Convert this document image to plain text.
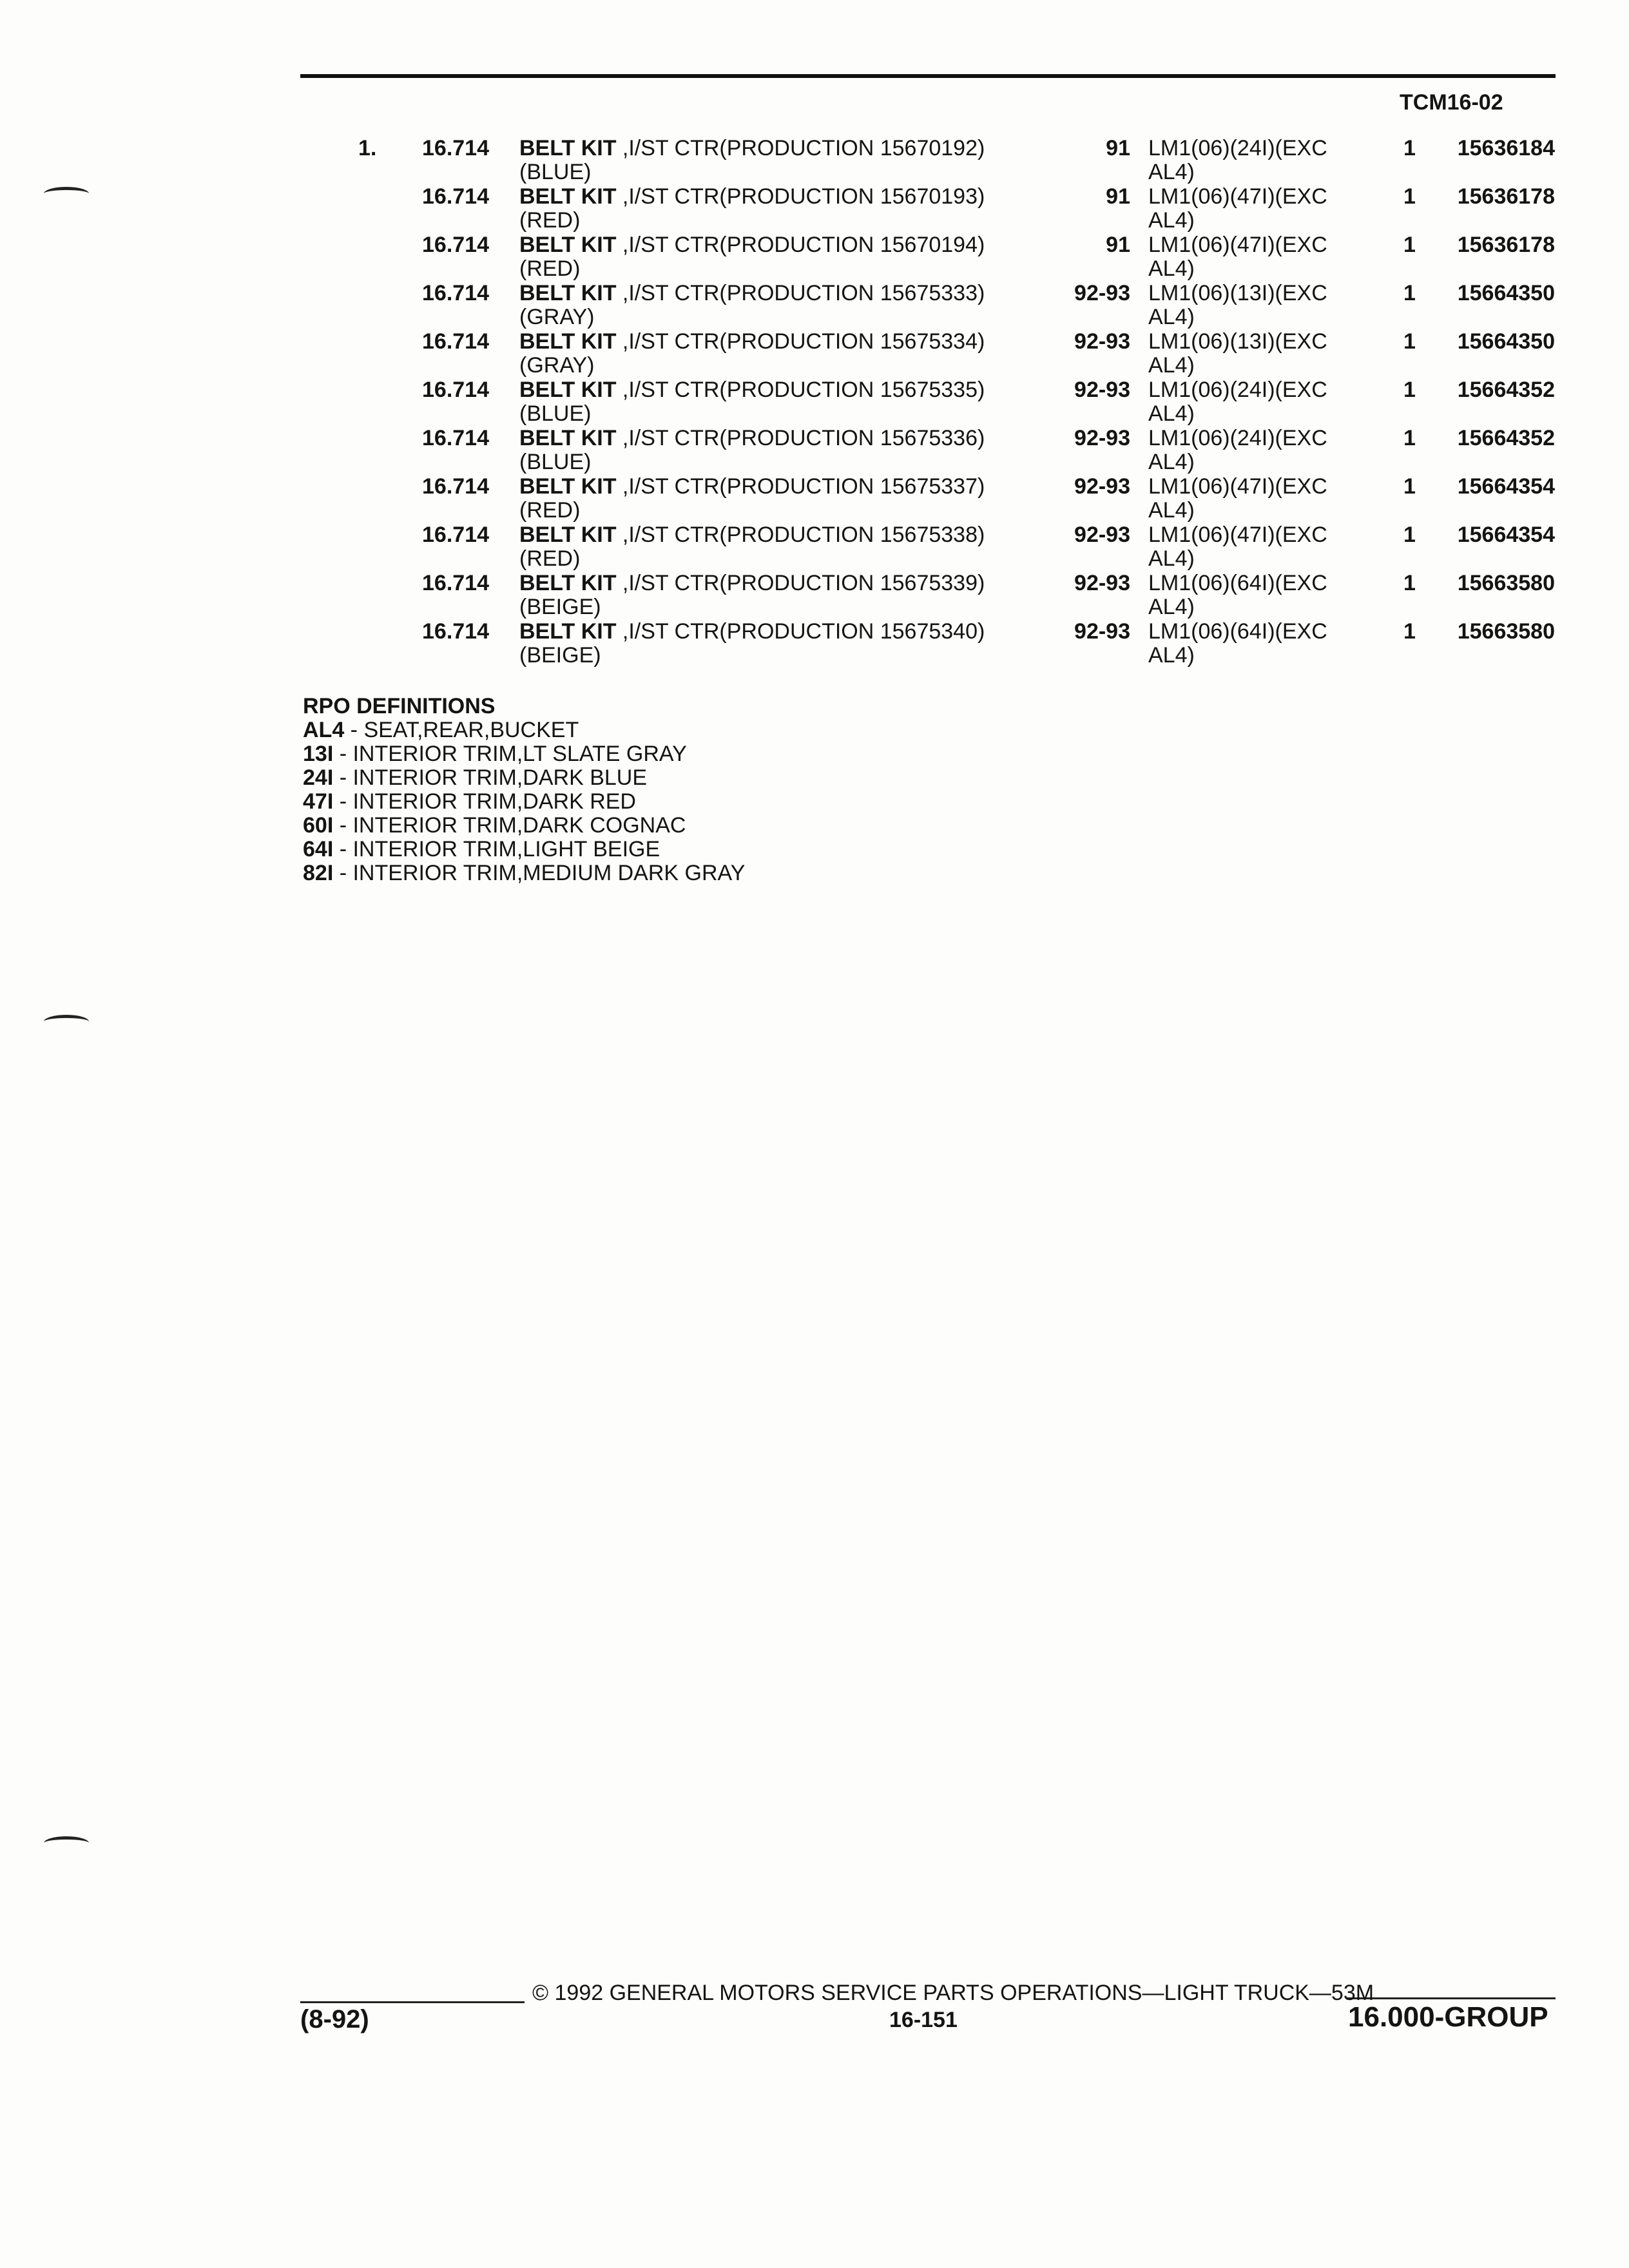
TCM16-02
1. 16.714 BELT KIT ,I/ST CTR(PRODUCTION 15670192)
(BLUE)
91 LM1(06)(24I)(EXC
AL4)
1 15636184
16.714 BELT KIT ,I/ST CTR(PRODUCTION 15670193)
(RED)
91 LM1(06)(47I)(EXC
AL4)
1 15636178
16.714 BELT KIT ,I/ST CTR(PRODUCTION 15670194)
(RED)
91 LM1(06)(47I)(EXC
AL4)
1 15636178
16.714 BELT KIT ,I/ST CTR(PRODUCTION 15675333)
(GRAY)
92-93 LM1(06)(13I)(EXC
AL4)
1 15664350
16.714 BELT KIT ,I/ST CTR(PRODUCTION 15675334)
(GRAY)
92-93 LM1(06)(13I)(EXC
AL4)
1 15664350
16.714 BELT KIT ,I/ST CTR(PRODUCTION 15675335)
(BLUE)
92-93 LM1(06)(24I)(EXC
AL4)
1 15664352
16.714 BELT KIT ,I/ST CTR(PRODUCTION 15675336)
(BLUE)
92-93 LM1(06)(24I)(EXC
AL4)
1 15664352
16.714 BELT KIT ,I/ST CTR(PRODUCTION 15675337)
(RED)
92-93 LM1(06)(47I)(EXC
AL4)
1 15664354
16.714 BELT KIT ,I/ST CTR(PRODUCTION 15675338)
(RED)
92-93 LM1(06)(47I)(EXC
AL4)
1 15664354
16.714 BELT KIT ,I/ST CTR(PRODUCTION 15675339)
(BEIGE)
92-93 LM1(06)(64I)(EXC
AL4)
1 15663580
16.714 BELT KIT ,I/ST CTR(PRODUCTION 15675340)
(BEIGE)
92-93 LM1(06)(64I)(EXC
AL4)
1 15663580
RPO DEFINITIONS
AL4 - SEAT,REAR,BUCKET
13I - INTERIOR TRIM,LT SLATE GRAY
24I - INTERIOR TRIM,DARK BLUE
47I - INTERIOR TRIM,DARK RED
60I - INTERIOR TRIM,DARK COGNAC
64I - INTERIOR TRIM,LIGHT BEIGE
82I - INTERIOR TRIM,MEDIUM DARK GRAY
© 1992 GENERAL MOTORS SERVICE PARTS OPERATIONS—LIGHT TRUCK—53M
(8-92)	16-151	16.000-GROUP
